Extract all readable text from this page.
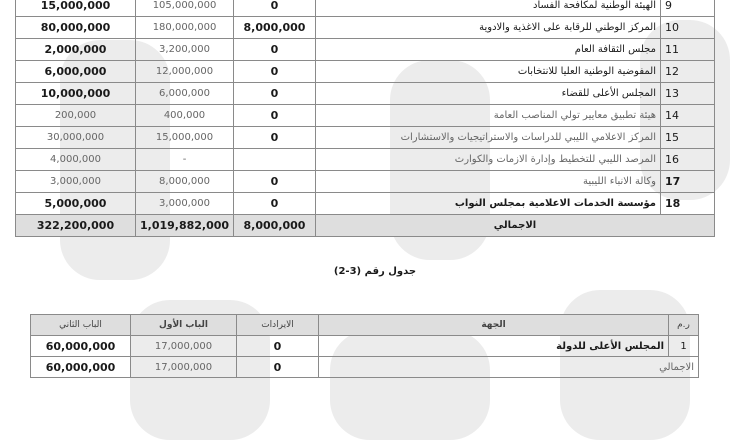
15,000,000	105,000,000	0	الهيئة الوطنية لمكافحة الفساد	9
80,000,000	180,000,000	8,000,000	المركز الوطني للرقابة على الاغذية والادوية	10
2,000,000	3,200,000	0	مجلس الثقافة العام	11
6,000,000	12,000,000	0	المفوضية الوطنية العليا للانتخابات	12
10,000,000	6,000,000	0	المجلس الأعلى للقضاء	13
200,000	400,000	0	هيئة تطبيق معايير تولي المناصب العامة	14
30,000,000	15,000,000	0	المركز الاعلامي الليبي للدراسات والاستراتيجيات والاستشارات	15
4,000,000	-		المرصد الليبي للتخطيط وإدارة الازمات والكوارث	16
3,000,000	8,000,000	0	وكالة الانباء الليبية	17
5,000,000	3,000,000	0	مؤسسة الخدمات الاعلامية بمجلس النواب	18
322,200,000	1,019,882,000	8,000,000	الاجمالي	
جدول رقم (3-2)
الباب الثاني	الباب الأول	الايرادات	الجهة	ر.م
60,000,000	17,000,000	0	المجلس الأعلى للدولة	1
60,000,000	17,000,000	0	الاجمالي	
